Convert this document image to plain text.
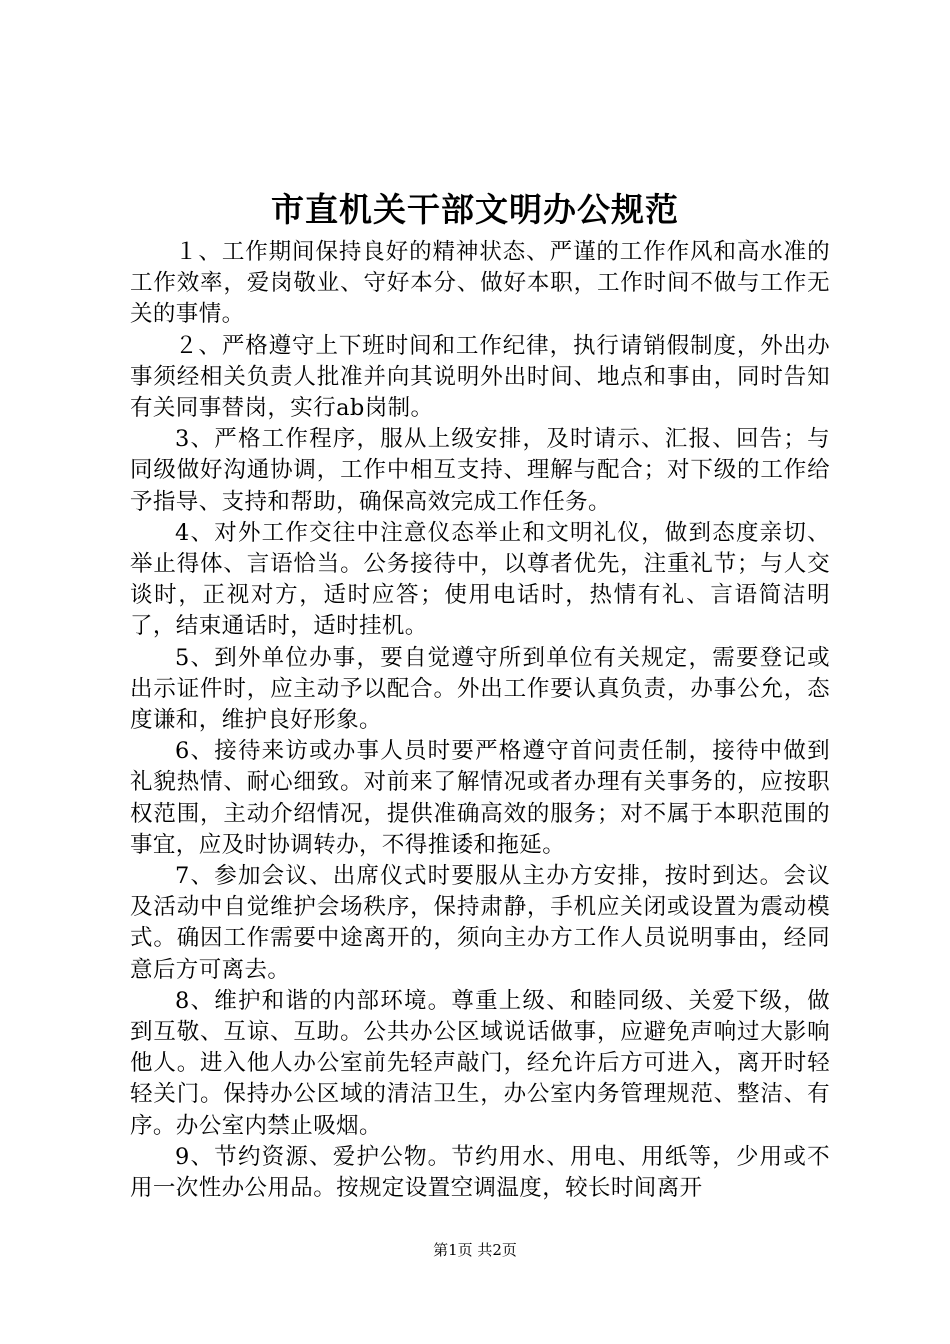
市直机关干部文明办公规范

１、工作期间保持良好的精神状态、严谨的工作作风和高水准的工作效率，爱岗敬业、守好本分、做好本职，工作时间不做与工作无关的事情。

２、严格遵守上下班时间和工作纪律，执行请销假制度，外出办事须经相关负责人批准并向其说明外出时间、地点和事由，同时告知有关同事替岗，实行ab岗制。

3、严格工作程序，服从上级安排，及时请示、汇报、回告；与同级做好沟通协调，工作中相互支持、理解与配合；对下级的工作给予指导、支持和帮助，确保高效完成工作任务。

4、对外工作交往中注意仪态举止和文明礼仪，做到态度亲切、举止得体、言语恰当。公务接待中，以尊者优先，注重礼节；与人交谈时，正视对方，适时应答；使用电话时，热情有礼、言语简洁明了，结束通话时，适时挂机。

5、到外单位办事，要自觉遵守所到单位有关规定，需要登记或出示证件时，应主动予以配合。外出工作要认真负责，办事公允，态度谦和，维护良好形象。

6、接待来访或办事人员时要严格遵守首问责任制，接待中做到礼貌热情、耐心细致。对前来了解情况或者办理有关事务的，应按职权范围，主动介绍情况，提供准确高效的服务；对不属于本职范围的事宜，应及时协调转办，不得推诿和拖延。

7、参加会议、出席仪式时要服从主办方安排，按时到达。会议及活动中自觉维护会场秩序，保持肃静，手机应关闭或设置为震动模式。确因工作需要中途离开的，须向主办方工作人员说明事由，经同意后方可离去。

8、维护和谐的内部环境。尊重上级、和睦同级、关爱下级，做到互敬、互谅、互助。公共办公区域说话做事，应避免声响过大影响他人。进入他人办公室前先轻声敲门，经允许后方可进入，离开时轻轻关门。保持办公区域的清洁卫生，办公室内务管理规范、整洁、有序。办公室内禁止吸烟。

9、节约资源、爱护公物。节约用水、用电、用纸等，少用或不用一次性办公用品。按规定设置空调温度，较长时间离开

第1页 共2页
